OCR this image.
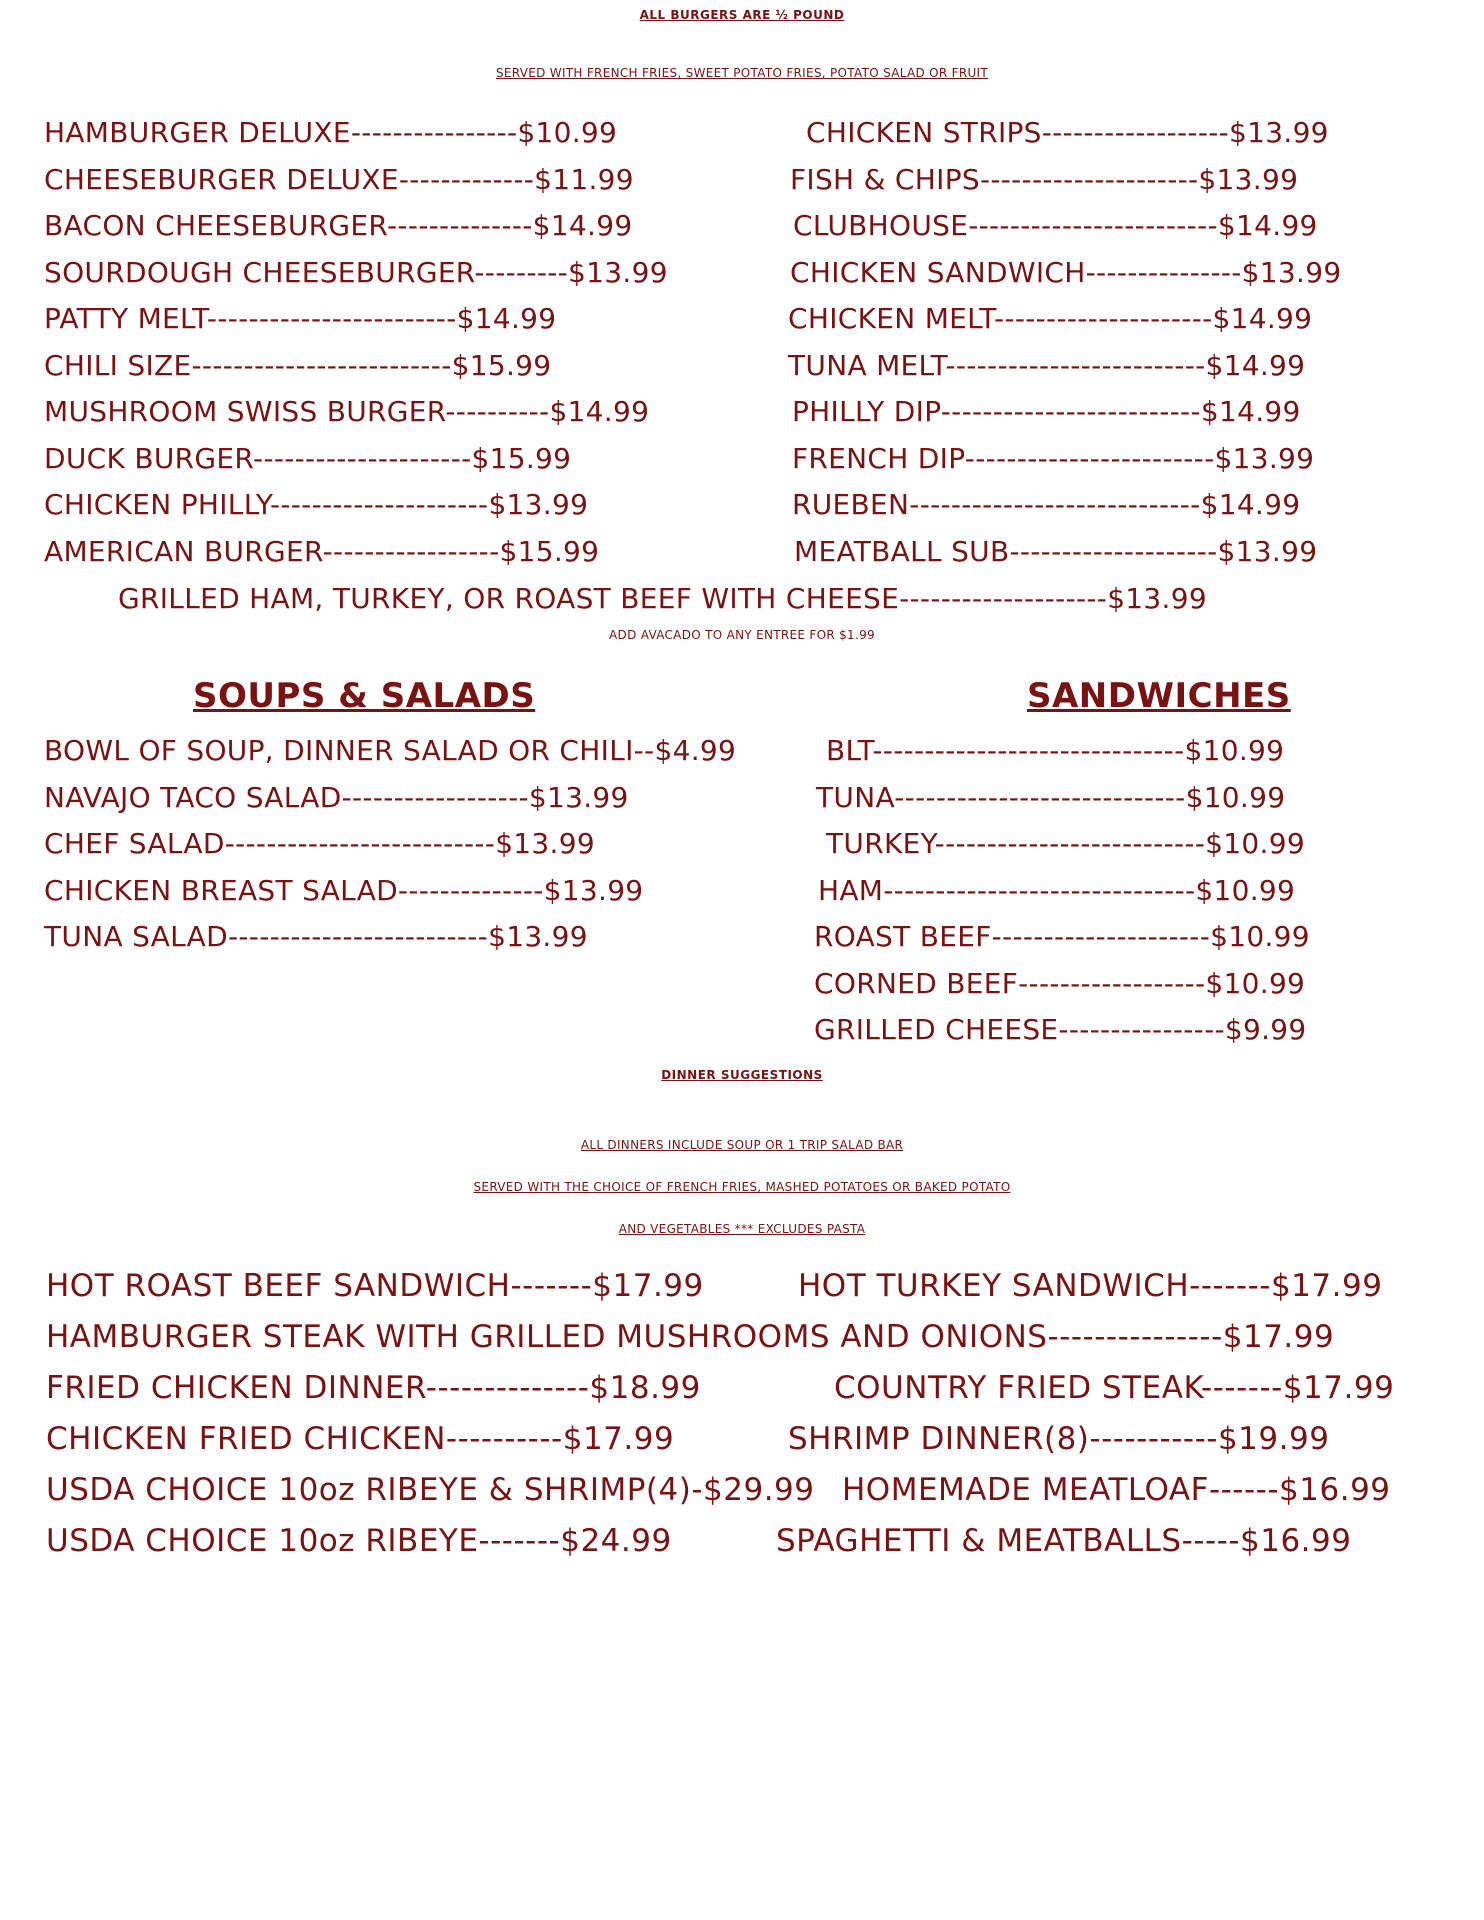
ALL BURGERS ARE ½ POUND
SERVED WITH FRENCH FRIES, SWEET POTATO FRIES, POTATO SALAD OR FRUIT
HAMBURGER DELUXE----------------$10.99
CHEESEBURGER DELUXE-------------$11.99
BACON CHEESEBURGER--------------$14.99
SOURDOUGH CHEESEBURGER---------$13.99
PATTY MELT------------------------$14.99
CHILI SIZE-------------------------$15.99
MUSHROOM SWISS BURGER----------$14.99
DUCK BURGER---------------------$15.99
CHICKEN PHILLY---------------------$13.99
AMERICAN BURGER-----------------$15.99
CHICKEN STRIPS------------------$13.99
FISH & CHIPS---------------------$13.99
CLUBHOUSE------------------------$14.99
CHICKEN SANDWICH---------------$13.99
CHICKEN MELT---------------------$14.99
TUNA MELT-------------------------$14.99
PHILLY DIP-------------------------$14.99
FRENCH DIP------------------------$13.99
RUEBEN----------------------------$14.99
MEATBALL SUB--------------------$13.99
GRILLED HAM, TURKEY, OR ROAST BEEF WITH CHEESE--------------------$13.99
ADD AVACADO TO ANY ENTREE FOR $1.99
SOUPS & SALADS
BOWL OF SOUP, DINNER SALAD OR CHILI--$4.99
NAVAJO TACO SALAD------------------$13.99
CHEF SALAD--------------------------$13.99
CHICKEN BREAST SALAD--------------$13.99
TUNA SALAD-------------------------$13.99
SANDWICHES
BLT------------------------------$10.99
TUNA----------------------------$10.99
TURKEY--------------------------$10.99
HAM------------------------------$10.99
ROAST BEEF---------------------$10.99
CORNED BEEF------------------$10.99
GRILLED CHEESE----------------$9.99
DINNER SUGGESTIONS
ALL DINNERS INCLUDE SOUP OR 1 TRIP SALAD BAR
SERVED WITH THE CHOICE OF FRENCH FRIES, MASHED POTATOES OR BAKED POTATO
AND VEGETABLES *** EXCLUDES PASTA
HOT ROAST BEEF SANDWICH-------$17.99	HOT TURKEY SANDWICH-------$17.99
HAMBURGER STEAK WITH GRILLED MUSHROOMS AND ONIONS---------------$17.99
FRIED CHICKEN DINNER--------------$18.99	COUNTRY FRIED STEAK-------$17.99
CHICKEN FRIED CHICKEN----------$17.99	SHRIMP DINNER(8)-----------$19.99
USDA CHOICE 10oz RIBEYE & SHRIMP(4)-$29.99 HOMEMADE MEATLOAF------$16.99
USDA CHOICE 10oz RIBEYE-------$24.99	SPAGHETTI & MEATBALLS-----$16.99
